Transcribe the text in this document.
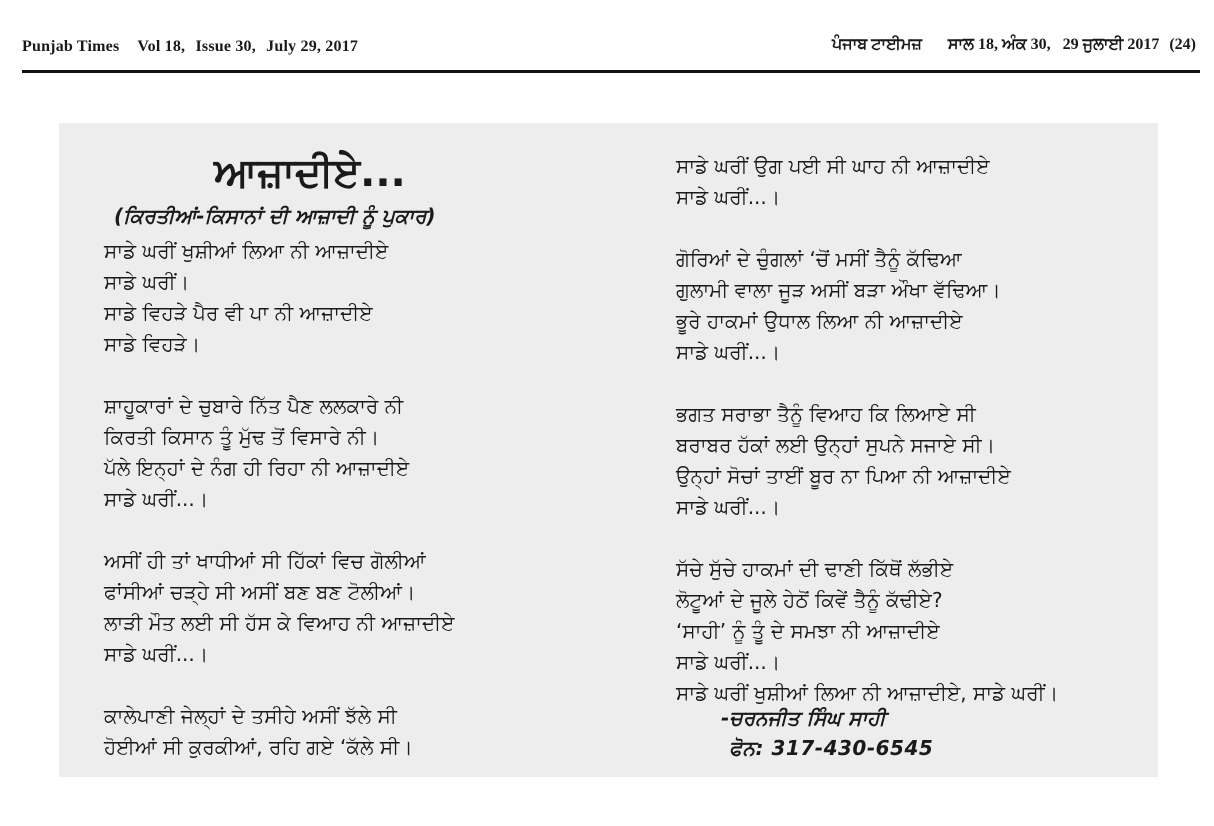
Punjab Times Vol 18, Issue 30, July 29, 2017	ਪੰਜਾਬ ਟਾਈਮਜ਼ ਸਾਲ 18, ਅੰਕ 30, 29 ਜੁਲਾਈ 2017 (24)
ਆਜ਼ਾਦੀਏ...
(ਕਿਰਤੀਆਂ-ਕਿਸਾਨਾਂ ਦੀ ਆਜ਼ਾਦੀ ਨੂੰ ਪੁਕਾਰ)
ਸਾਡੇ ਘਰੀਂ ਖੁਸ਼ੀਆਂ ਲਿਆ ਨੀ ਆਜ਼ਾਦੀਏ
ਸਾਡੇ ਘਰੀਂ।
ਸਾਡੇ ਵਿਹੜੇ ਪੈਰ ਵੀ ਪਾ ਨੀ ਆਜ਼ਾਦੀਏ
ਸਾਡੇ ਵਿਹੜੇ।
ਸ਼ਾਹੂਕਾਰਾਂ ਦੇ ਚੁਬਾਰੇ ਨਿੱਤ ਪੈਣ ਲਲਕਾਰੇ ਨੀ
ਕਿਰਤੀ ਕਿਸਾਨ ਤੂੰ ਮੁੱਢ ਤੋਂ ਵਿਸਾਰੇ ਨੀ।
ਪੱਲੇ ਇਨ੍ਹਾਂ ਦੇ ਨੰਗ ਹੀ ਰਿਹਾ ਨੀ ਆਜ਼ਾਦੀਏ
ਸਾਡੇ ਘਰੀਂ...।
ਅਸੀਂ ਹੀ ਤਾਂ ਖਾਧੀਆਂ ਸੀ ਹਿੱਕਾਂ ਵਿਚ ਗੋਲੀਆਂ
ਫਾਂਸੀਆਂ ਚੜ੍ਹੇ ਸੀ ਅਸੀਂ ਬਣ ਬਣ ਟੋਲੀਆਂ।
ਲਾੜੀ ਮੌਤ ਲਈ ਸੀ ਹੱਸ ਕੇ ਵਿਆਹ ਨੀ ਆਜ਼ਾਦੀਏ
ਸਾਡੇ ਘਰੀਂ...।
ਕਾਲੇਪਾਣੀ ਜੇਲ੍ਹਾਂ ਦੇ ਤਸੀਹੇ ਅਸੀਂ ਝੱਲੇ ਸੀ
ਹੋਈਆਂ ਸੀ ਕੁਰਕੀਆਂ, ਰਹਿ ਗਏ ‘ਕੱਲੇ ਸੀ।
ਸਾਡੇ ਘਰੀਂ ਉਗ ਪਈ ਸੀ ਘਾਹ ਨੀ ਆਜ਼ਾਦੀਏ
ਸਾਡੇ ਘਰੀਂ...।
ਗੋਰਿਆਂ ਦੇ ਚੁੰਗਲਾਂ ‘ਚੋਂ ਮਸੀਂ ਤੈਨੂੰ ਕੱਢਿਆ
ਗੁਲਾਮੀ ਵਾਲਾ ਜੂੜ ਅਸੀਂ ਬੜਾ ਔਖਾ ਵੱਢਿਆ।
ਭੂਰੇ ਹਾਕਮਾਂ ਉਧਾਲ ਲਿਆ ਨੀ ਆਜ਼ਾਦੀਏ
ਸਾਡੇ ਘਰੀਂ...।
ਭਗਤ ਸਰਾਭਾ ਤੈਨੂੰ ਵਿਆਹ ਕਿ ਲਿਆਏ ਸੀ
ਬਰਾਬਰ ਹੱਕਾਂ ਲਈ ਉਨ੍ਹਾਂ ਸੁਪਨੇ ਸਜਾਏ ਸੀ।
ਉਨ੍ਹਾਂ ਸੋਚਾਂ ਤਾਈਂ ਬੂਰ ਨਾ ਪਿਆ ਨੀ ਆਜ਼ਾਦੀਏ
ਸਾਡੇ ਘਰੀਂ...।
ਸੱਚੇ ਸੁੱਚੇ ਹਾਕਮਾਂ ਦੀ ਢਾਣੀ ਕਿੱਥੋਂ ਲੱਭੀਏ
ਲੋਟੂਆਂ ਦੇ ਜੂਲੇ ਹੇਠੋਂ ਕਿਵੇਂ ਤੈਨੂੰ ਕੱਢੀਏ?
‘ਸਾਹੀ’ ਨੂੰ ਤੂੰ ਦੇ ਸਮਝਾ ਨੀ ਆਜ਼ਾਦੀਏ
ਸਾਡੇ ਘਰੀਂ...।
ਸਾਡੇ ਘਰੀਂ ਖੁਸ਼ੀਆਂ ਲਿਆ ਨੀ ਆਜ਼ਾਦੀਏ, ਸਾਡੇ ਘਰੀਂ।
-ਚਰਨਜੀਤ ਸਿੰਘ ਸਾਹੀ
ਫੋਨ: 317-430-6545
